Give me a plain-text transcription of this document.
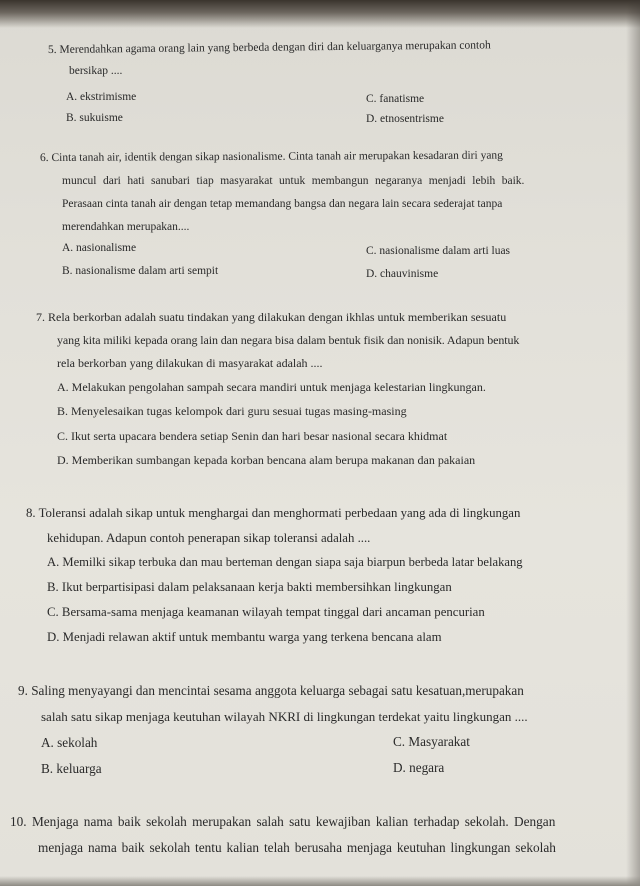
5. Merendahkan agama orang lain yang berbeda dengan diri dan keluarganya merupakan contoh
bersikap ....
A. ekstrimisme	C. fanatisme
B. sukuisme	D. etnosentrisme
6. Cinta tanah air, identik dengan sikap nasionalisme. Cinta tanah air merupakan kesadaran diri yang
muncul dari hati sanubari tiap masyarakat untuk membangun negaranya menjadi lebih baik.
Perasaan cinta tanah air dengan tetap memandang bangsa dan negara lain secara sederajat tanpa
merendahkan merupakan....
A. nasionalisme	C. nasionalisme dalam arti luas
B. nasionalisme dalam arti sempit	D. chauvinisme
7. Rela berkorban adalah suatu tindakan yang dilakukan dengan ikhlas untuk memberikan sesuatu
yang kita miliki kepada orang lain dan negara bisa dalam bentuk fisik dan nonisik. Adapun bentuk
rela berkorban yang dilakukan di masyarakat adalah ....
A. Melakukan pengolahan sampah secara mandiri untuk menjaga kelestarian lingkungan.
B. Menyelesaikan tugas kelompok dari guru sesuai tugas masing-masing
C. Ikut serta upacara bendera setiap Senin dan hari besar nasional secara khidmat
D. Memberikan sumbangan kepada korban bencana alam berupa makanan dan pakaian
8. Toleransi adalah sikap untuk menghargai dan menghormati perbedaan yang ada di lingkungan
kehidupan. Adapun contoh penerapan sikap toleransi adalah ....
A. Memilki sikap terbuka dan mau berteman dengan siapa saja biarpun berbeda latar belakang
B. Ikut berpartisipasi dalam pelaksanaan kerja bakti membersihkan lingkungan
C. Bersama-sama menjaga keamanan wilayah tempat tinggal dari ancaman pencurian
D. Menjadi relawan aktif untuk membantu warga yang terkena bencana alam
9. Saling menyayangi dan mencintai sesama anggota keluarga sebagai satu kesatuan,merupakan
salah satu sikap menjaga keutuhan wilayah NKRI di lingkungan terdekat yaitu lingkungan ....
A. sekolah	C. Masyarakat
B. keluarga	D. negara
10. Menjaga nama baik sekolah merupakan salah satu kewajiban kalian terhadap sekolah. Dengan
menjaga nama baik sekolah tentu kalian telah berusaha menjaga keutuhan lingkungan sekolah
